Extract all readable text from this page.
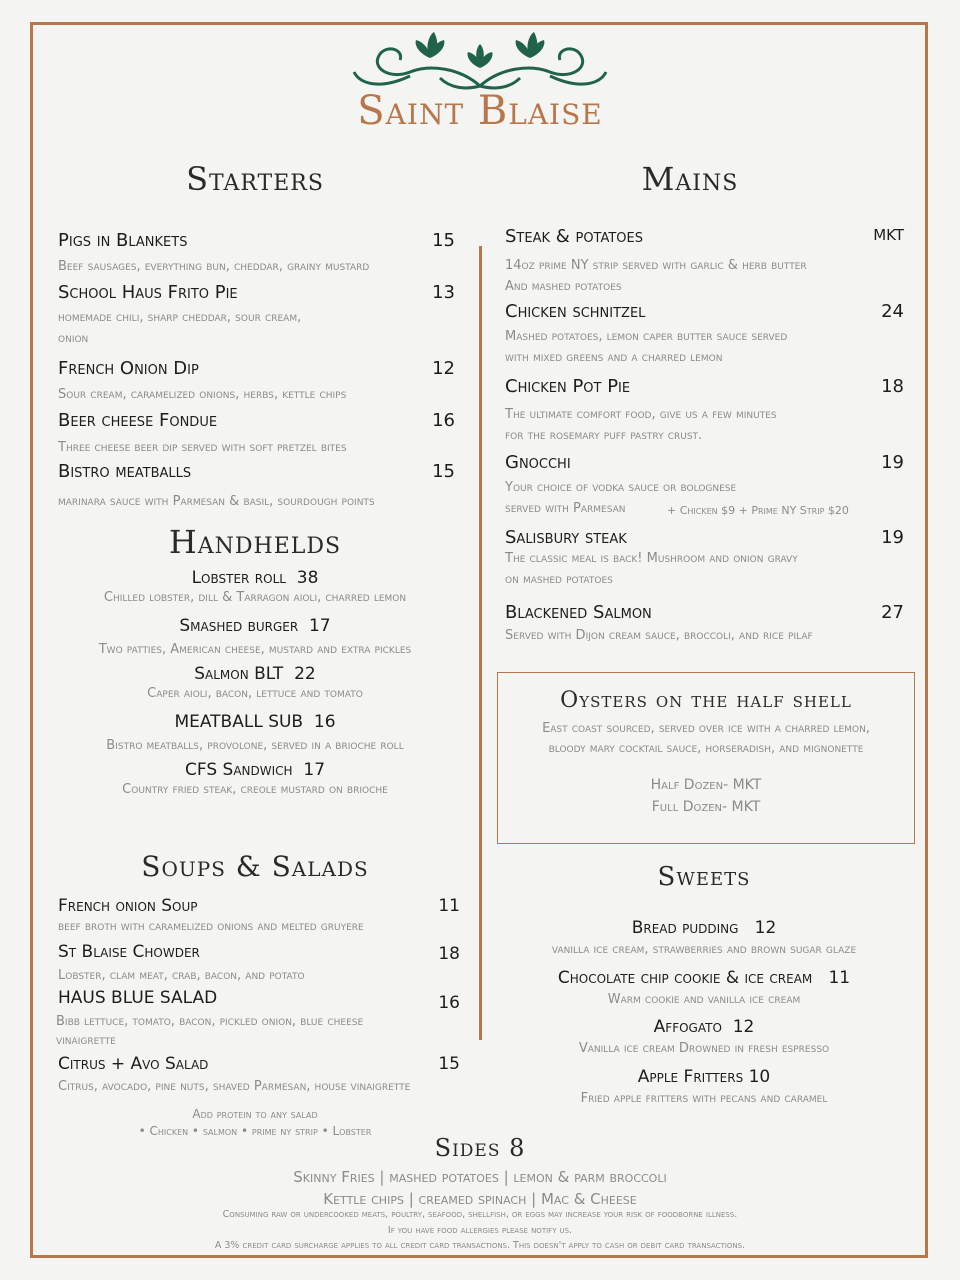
Saint Blaise
Starters
Pigs in Blankets	15
Beef sausages, everything bun, cheddar, grainy mustard
School Haus Frito Pie	13
homemade chili, sharp cheddar, sour cream,
onion
French Onion Dip	12
Sour cream, caramelized onions, herbs, kettle chips
Beer cheese Fondue	16
Three cheese beer dip served with soft pretzel bites
Bistro meatballs	15
marinara sauce with Parmesan & basil, sourdough points
Handhelds
Lobster roll 38
Chilled lobster, dill & Tarragon aioli, charred lemon
Smashed burger 17
Two patties, American cheese, mustard and extra pickles
Salmon BLT 22
Caper aioli, bacon, lettuce and tomato
MEATBALL SUB 16
Bistro meatballs, provolone, served in a brioche roll
CFS Sandwich 17
Country fried steak, creole mustard on brioche
Soups & Salads
French onion Soup	11
beef broth with caramelized onions and melted gruyere
St Blaise Chowder	18
Lobster, clam meat, crab, bacon, and potato
HAUS BLUE SALAD	16
Bibb lettuce, tomato, bacon, pickled onion, blue cheese
vinaigrette
Citrus + Avo Salad	15
Citrus, avocado, pine nuts, shaved Parmesan, house vinaigrette
Add protein to any salad
• Chicken • salmon • prime ny strip • Lobster
Mains
Steak & potatoes	MKT
14oz prime NY strip served with garlic & herb butter
And mashed potatoes
Chicken schnitzel	24
Mashed potatoes, lemon caper butter sauce served
with mixed greens and a charred lemon
Chicken Pot Pie	18
The ultimate comfort food, give us a few minutes
for the rosemary puff pastry crust.
Gnocchi	19
Your choice of vodka sauce or bolognese
served with Parmesan	+ Chicken $9 + Prime NY Strip $20
Salisbury steak	19
The classic meal is back! Mushroom and onion gravy
on mashed potatoes
Blackened Salmon	27
Served with Dijon cream sauce, broccoli, and rice pilaf
Oysters on the half shell
East coast sourced, served over ice with a charred lemon,
bloody mary cocktail sauce, horseradish, and mignonette
Half Dozen- MKT
Full Dozen- MKT
Sweets
Bread pudding 12
vanilla ice cream, strawberries and brown sugar glaze
Chocolate chip cookie & ice cream 11
Warm cookie and vanilla ice cream
Affogato 12
Vanilla ice cream Drowned in fresh espresso
Apple Fritters 10
Fried apple fritters with pecans and caramel
Sides 8
Skinny Fries | mashed potatoes | lemon & parm broccoli
Kettle chips | creamed spinach | Mac & Cheese
Consuming raw or undercooked meats, poultry, seafood, shellfish, or eggs may increase your risk of foodborne illness.
If you have food allergies please notify us.
A 3% credit card surcharge applies to all credit card transactions. This doesn't apply to cash or debit card transactions.
